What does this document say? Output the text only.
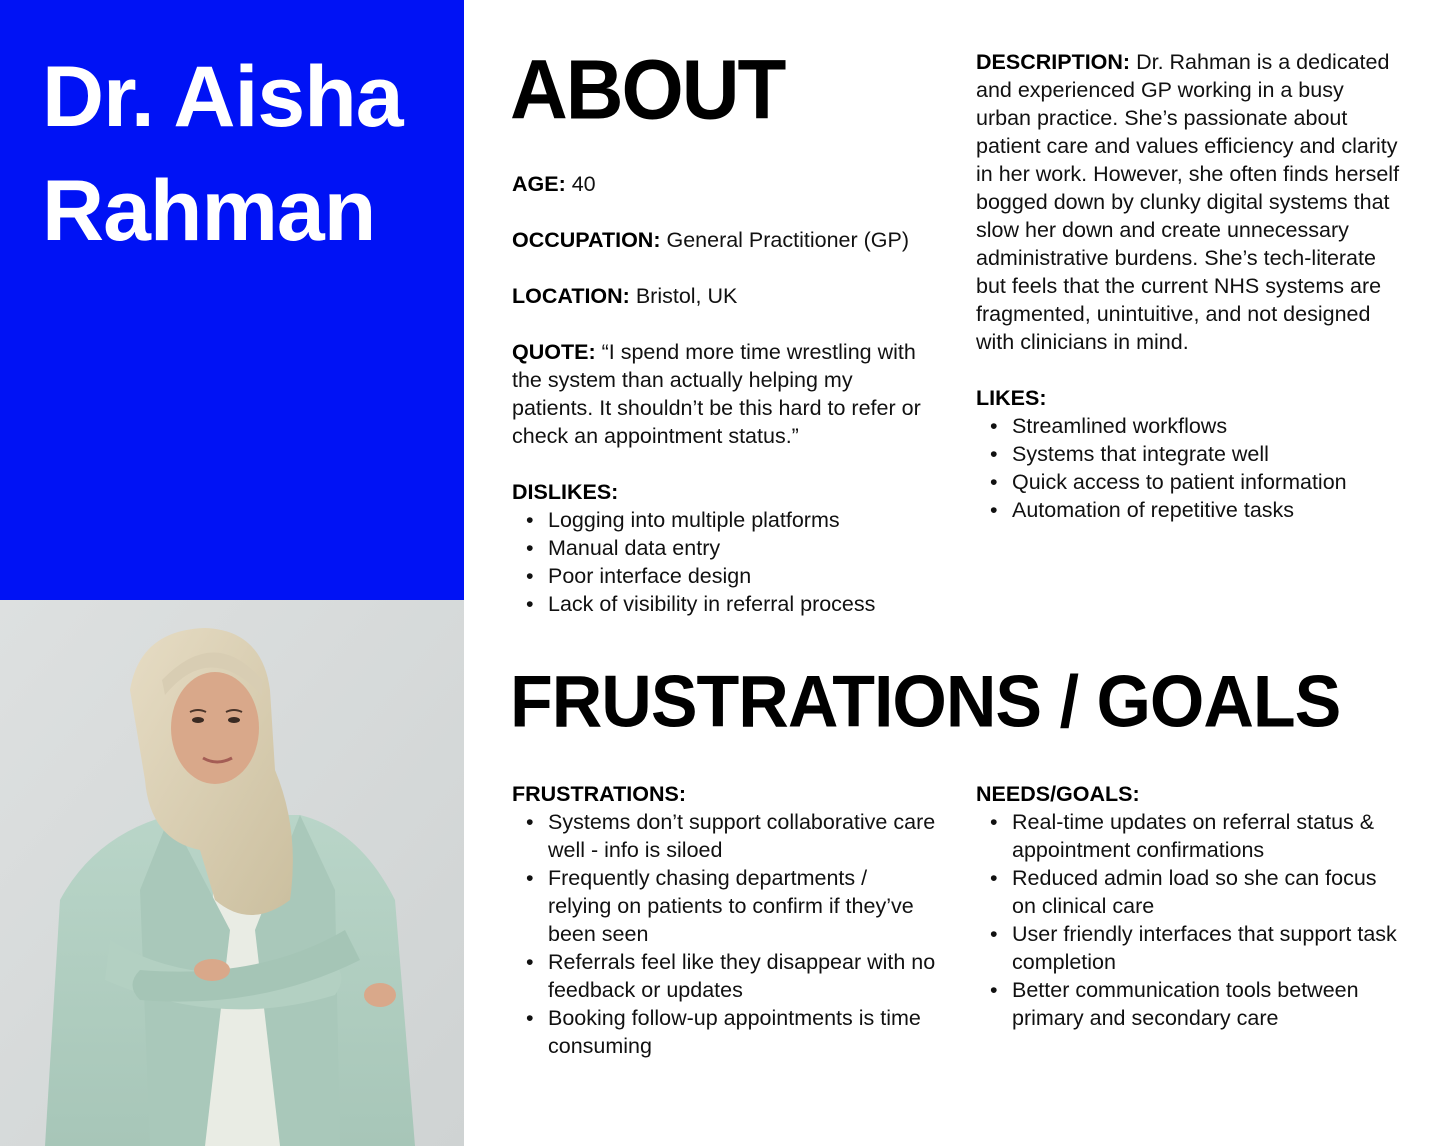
Dr. Aisha
Rahman
ABOUT

AGE: 40

OCCUPATION: General Practitioner (GP)

LOCATION: Bristol, UK

QUOTE: “I spend more time wrestling with the system than actually helping my patients. It shouldn’t be this hard to refer or check an appointment status.”

DISLIKES:

• Logging into multiple platforms
• Manual data entry
• Poor interface design
• Lack of visibility in referral process

DESCRIPTION: Dr. Rahman is a dedicated and experienced GP working in a busy urban practice. She’s passionate about patient care and values efficiency and clarity in her work. However, she often finds herself bogged down by clunky digital systems that slow her down and create unnecessary administrative burdens. She’s tech-literate but feels that the current NHS systems are fragmented, unintuitive, and not designed with clinicians in mind.

LIKES:

• Streamlined workflows
• Systems that integrate well
• Quick access to patient information
• Automation of repetitive tasks
FRUSTRATIONS / GOALS

FRUSTRATIONS:

• Systems don’t support collaborative care well - info is siloed
• Frequently chasing departments / relying on patients to confirm if they’ve been seen
• Referrals feel like they disappear with no feedback or updates
• Booking follow-up appointments is time consuming

NEEDS/GOALS:

• Real-time updates on referral status & appointment confirmations
• Reduced admin load so she can focus on clinical care
• User friendly interfaces that support task completion
• Better communication tools between primary and secondary care
